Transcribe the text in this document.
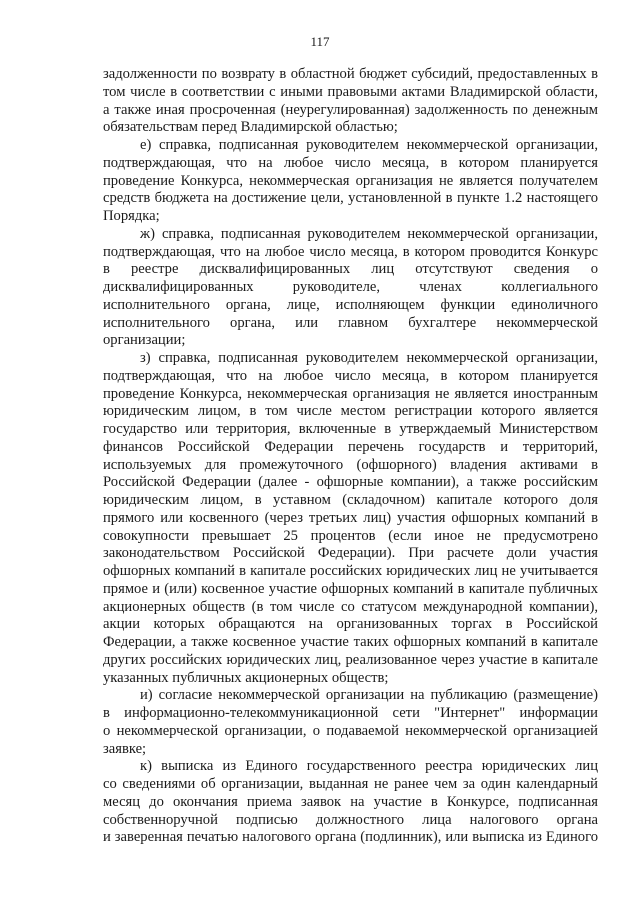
117
задолженности по возврату в областной бюджет субсидий, предоставленных в
том числе в соответствии с иными правовыми актами Владимирской области,
а также иная просроченная (неурегулированная) задолженность по денежным
обязательствам перед Владимирской областью;
е) справка, подписанная руководителем некоммерческой организации,
подтверждающая, что на любое число месяца, в котором планируется
проведение Конкурса, некоммерческая организация не является получателем
средств бюджета на достижение цели, установленной в пункте 1.2 настоящего
Порядка;
ж) справка, подписанная руководителем некоммерческой организации,
подтверждающая, что на любое число месяца, в котором проводится Конкурс
в реестре дисквалифицированных лиц отсутствуют сведения о
дисквалифицированных руководителе, членах коллегиального
исполнительного органа, лице, исполняющем функции единоличного
исполнительного органа, или главном бухгалтере некоммерческой
организации;
з) справка, подписанная руководителем некоммерческой организации,
подтверждающая, что на любое число месяца, в котором планируется
проведение Конкурса, некоммерческая организация не является иностранным
юридическим лицом, в том числе местом регистрации которого является
государство или территория, включенные в утверждаемый Министерством
финансов Российской Федерации перечень государств и территорий,
используемых для промежуточного (офшорного) владения активами в
Российской Федерации (далее - офшорные компании), а также российским
юридическим лицом, в уставном (складочном) капитале которого доля
прямого или косвенного (через третьих лиц) участия офшорных компаний в
совокупности превышает 25 процентов (если иное не предусмотрено
законодательством Российской Федерации). При расчете доли участия
офшорных компаний в капитале российских юридических лиц не учитывается
прямое и (или) косвенное участие офшорных компаний в капитале публичных
акционерных обществ (в том числе со статусом международной компании),
акции которых обращаются на организованных торгах в Российской
Федерации, а также косвенное участие таких офшорных компаний в капитале
других российских юридических лиц, реализованное через участие в капитале
указанных публичных акционерных обществ;
и) согласие некоммерческой организации на публикацию (размещение)
в информационно-телекоммуникационной сети "Интернет" информации
о некоммерческой организации, о подаваемой некоммерческой организацией
заявке;
к) выписка из Единого государственного реестра юридических лиц
со сведениями об организации, выданная не ранее чем за один календарный
месяц до окончания приема заявок на участие в Конкурсе, подписанная
собственноручной подписью должностного лица налогового органа
и заверенная печатью налогового органа (подлинник), или выписка из Единого
